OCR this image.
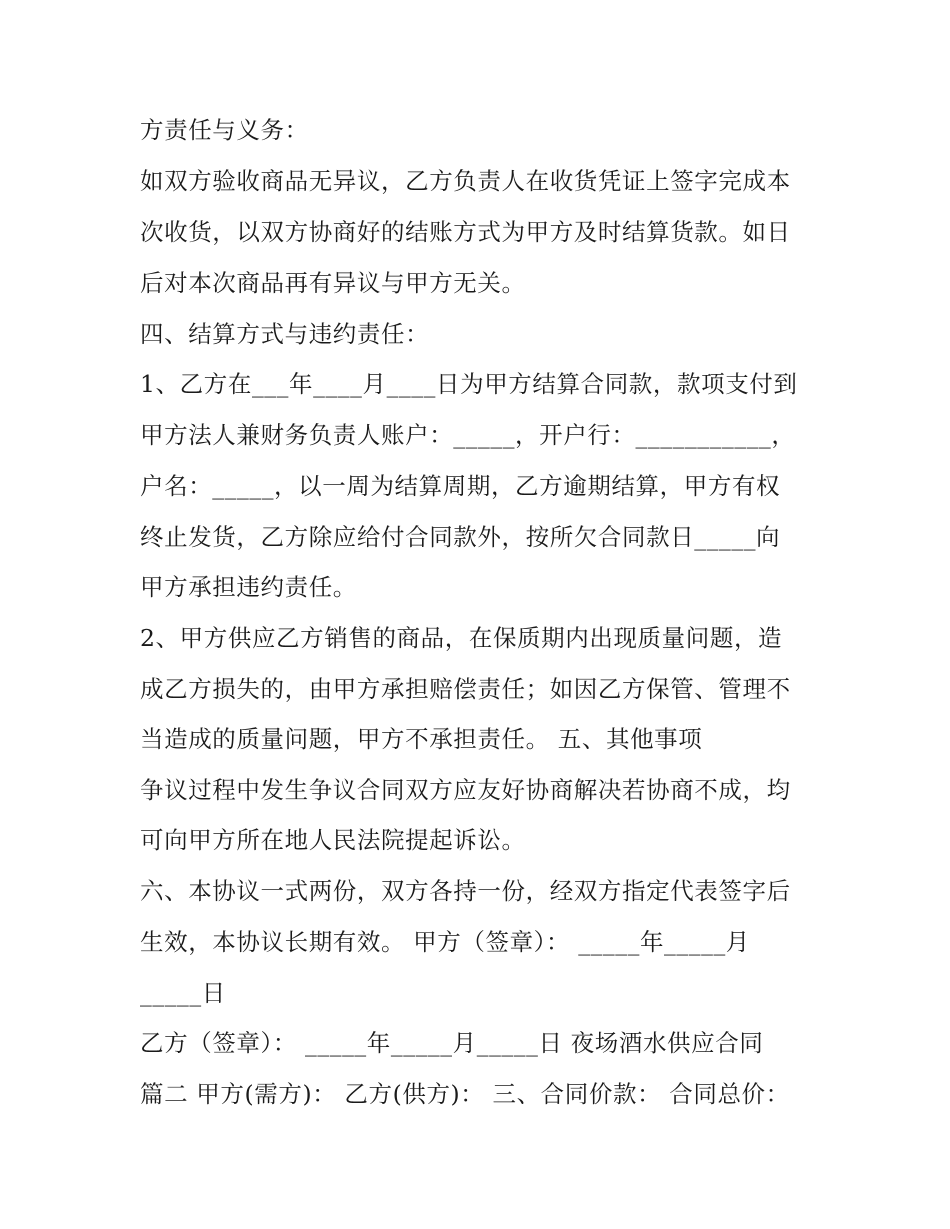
方责任与义务：
如双方验收商品无异议，乙方负责人在收货凭证上签字完成本
次收货，以双方协商好的结账方式为甲方及时结算货款。如日
后对本次商品再有异议与甲方无关。
四、结算方式与违约责任：
1、乙方在___年____月____日为甲方结算合同款，款项支付到
甲方法人兼财务负责人账户：_____，开户行：___________，
户名：_____，以一周为结算周期，乙方逾期结算，甲方有权
终止发货，乙方除应给付合同款外，按所欠合同款日_____向
甲方承担违约责任。
2、甲方供应乙方销售的商品，在保质期内出现质量问题，造
成乙方损失的，由甲方承担赔偿责任；如因乙方保管、管理不
当造成的质量问题，甲方不承担责任。 五、其他事项
争议过程中发生争议合同双方应友好协商解决若协商不成，均
可向甲方所在地人民法院提起诉讼。
六、本协议一式两份，双方各持一份，经双方指定代表签字后
生效，本协议长期有效。 甲方（签章）： _____年_____月
_____日
乙方（签章）： _____年_____月_____日 夜场酒水供应合同
篇二 甲方(需方)： 乙方(供方)： 三、合同价款： 合同总价：
